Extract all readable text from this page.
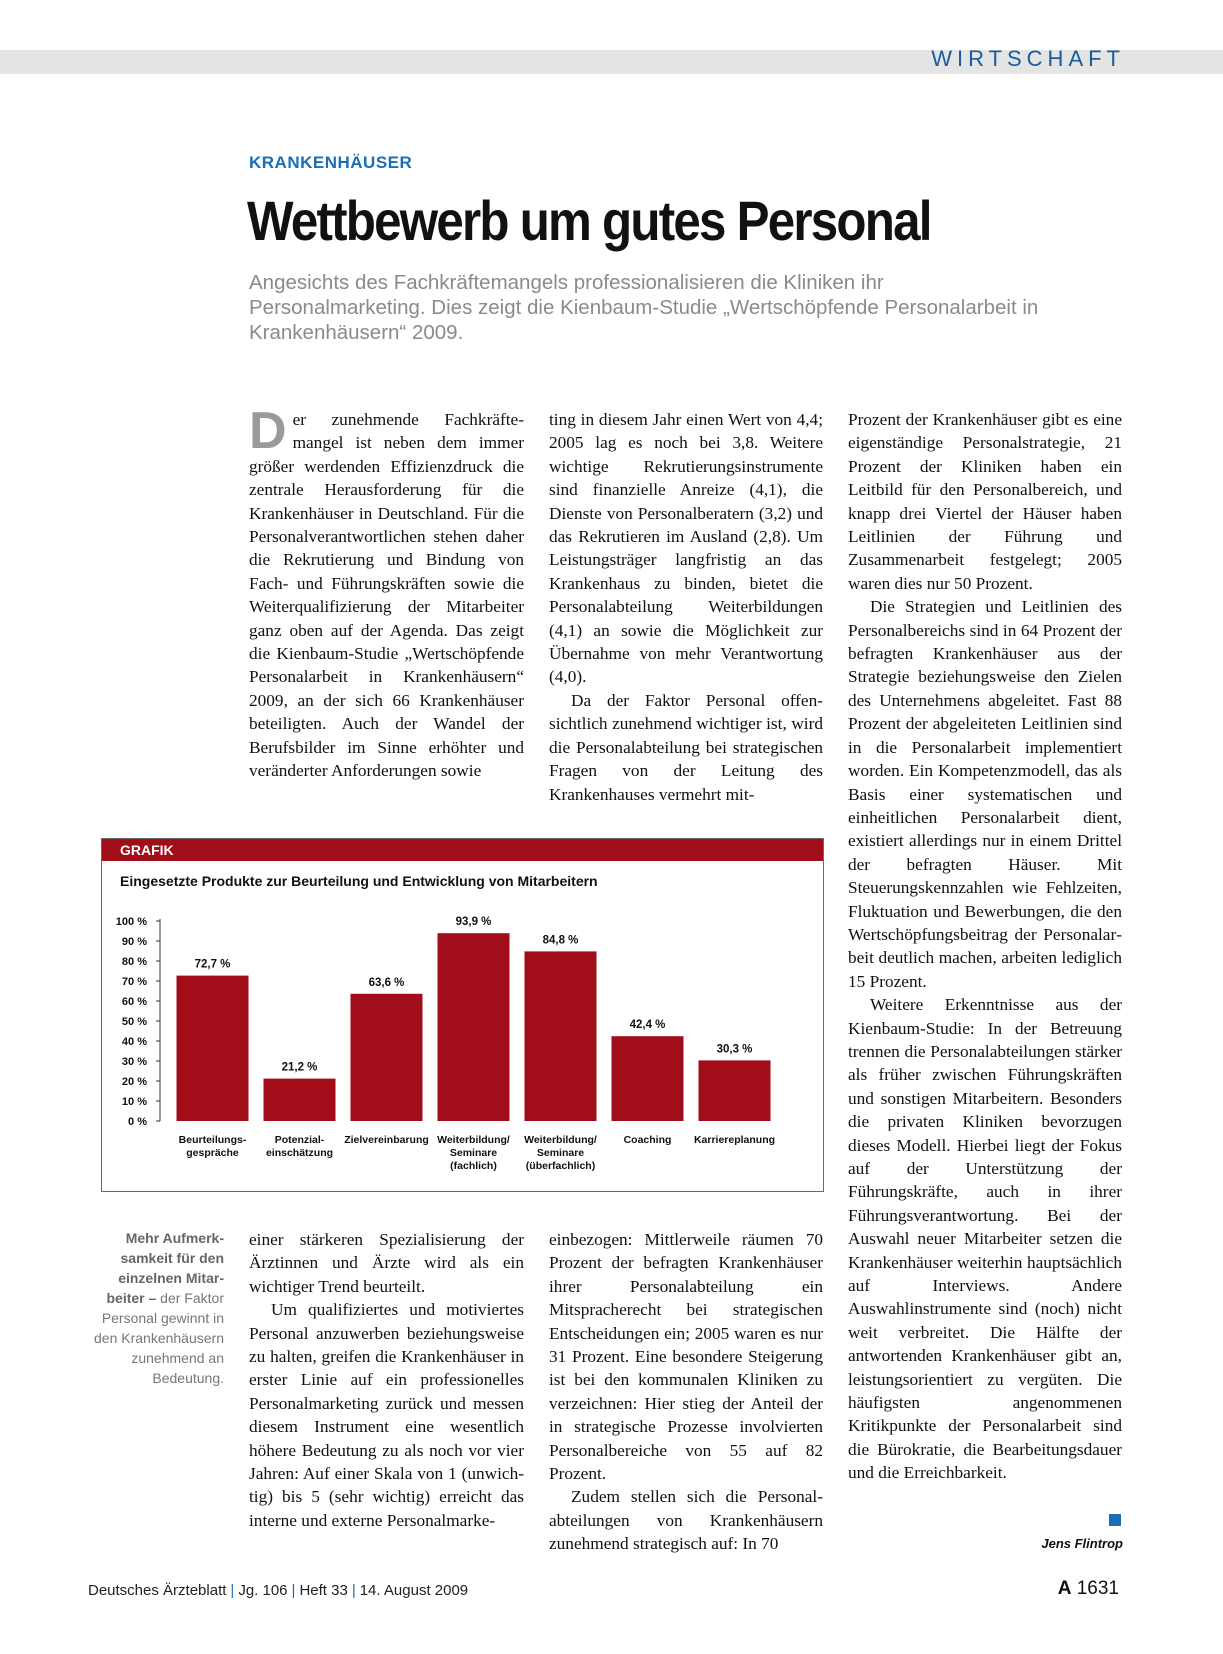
WIRTSCHAFT
KRANKENHÄUSER
Wettbewerb um gutes Personal
Angesichts des Fachkräftemangels professionalisieren die Kliniken ihr Personalmarketing. Dies zeigt die Kienbaum-Studie „Wertschöpfende Personalarbeit in Krankenhäusern“ 2009.

Der zunehmende Fachkräftemangel ist neben dem immer größer werdenden Effizienzdruck die zentrale Herausforderung für die Krankenhäuser in Deutschland. Für die Personalverantwortlichen stehen daher die Rekrutierung und Bindung von Fach- und Führungskräften sowie die Weiterqualifizierung der Mitarbeiter ganz oben auf der Agenda. Das zeigt die Kienbaum-Studie „Wertschöpfende Personalarbeit in Krankenhäusern“ 2009, an der sich 66 Krankenhäuser beteiligten. Auch der Wandel der Berufsbilder im Sinne erhöhter und veränderter Anforderungen sowie

ting in diesem Jahr einen Wert von 4,4; 2005 lag es noch bei 3,8. Weitere wichtige Rekrutierungsinstrumente sind finanzielle Anreize (4,1), die Dienste von Personalberatern (3,2) und das Rekrutieren im Ausland (2,8). Um Leistungsträger langfristig an das Krankenhaus zu binden, bietet die Personalabteilung Weiterbildungen (4,1) an sowie die Möglichkeit zur Übernahme von mehr Verantwortung (4,0).

Da der Faktor Personal offensichtlich zunehmend wichtiger ist, wird die Personalabteilung bei strategischen Fragen von der Leitung des Krankenhauses vermehrt mit-

Prozent der Krankenhäuser gibt es eine eigenständige Personalstrategie, 21 Prozent der Kliniken haben ein Leitbild für den Personalbereich, und knapp drei Viertel der Häuser haben Leitlinien der Führung und Zusammenarbeit festgelegt; 2005 waren dies nur 50 Prozent.

Die Strategien und Leitlinien des Personalbereichs sind in 64 Prozent der befragten Krankenhäuser aus der Strategie beziehungsweise den Zielen des Unternehmens abgeleitet. Fast 88 Prozent der abgeleiteten Leitlinien sind in die Personalarbeit implementiert worden. Ein Kompetenzmodell, das als Basis einer systematischen und einheitlichen Personalarbeit dient, existiert allerdings nur in einem Drittel der befragten Häuser. Mit Steuerungskennzahlen wie Fehlzeiten, Fluktuation und Bewerbungen, die den Wertschöpfungsbeitrag der Personalarbeit deutlich machen, arbeiten lediglich 15 Prozent.

Weitere Erkenntnisse aus der Kienbaum-Studie: In der Betreuung trennen die Personalabteilungen stärker als früher zwischen Führungskräften und sonstigen Mitarbeitern. Besonders die privaten Kliniken bevorzugen dieses Modell. Hierbei liegt der Fokus auf der Unterstützung der Führungskräfte, auch in ihrer Führungsverantwortung. Bei der Auswahl neuer Mitarbeiter setzen die Krankenhäuser weiterhin hauptsächlich auf Interviews. Andere Auswahlinstrumente sind (noch) nicht weit verbreitet. Die Hälfte der antwortenden Krankenhäuser gibt an, leistungsorientiert zu vergüten. Die häufigsten angenommenen Kritikpunkte der Personalarbeit sind die Bürokratie, die Bearbeitungsdauer und die Erreichbarkeit.

GRAFIK
Eingesetzte Produkte zur Beurteilung und Entwicklung von Mitarbeitern
0 %
10 %
20 %
30 %
40 %
50 %
60 %
70 %
80 %
90 %
100 %
72,7 %
Beurteilungs-
gespräche
21,2 %
Potenzial-
einschätzung
63,6 %
Zielvereinbarung
93,9 %
Weiterbildung/
Seminare
(fachlich)
84,8 %
Weiterbildung/
Seminare
(überfachlich)
42,4 %
Coaching
30,3 %
Karriereplanung

einer stärkeren Spezialisierung der Ärztinnen und Ärzte wird als ein wichtiger Trend beurteilt.

Um qualifiziertes und motiviertes Personal anzuwerben beziehungsweise zu halten, greifen die Krankenhäuser in erster Linie auf ein professionelles Personalmarketing zurück und messen diesem Instrument eine wesentlich höhere Bedeutung zu als noch vor vier Jahren: Auf einer Skala von 1 (unwichtig) bis 5 (sehr wichtig) erreicht das interne und externe Personalmarke-

einbezogen: Mittlerweile räumen 70 Prozent der befragten Krankenhäuser ihrer Personalabteilung ein Mitspracherecht bei strategischen Entscheidungen ein; 2005 waren es nur 31 Prozent. Eine besondere Steigerung ist bei den kommunalen Kliniken zu verzeichnen: Hier stieg der Anteil der in strategische Prozesse involvierten Personalbereiche von 55 auf 82 Prozent.

Zudem stellen sich die Personalabteilungen von Krankenhäusern zunehmend strategisch auf: In 70

Mehr Aufmerksamkeit für den einzelnen Mitarbeiter – der Faktor Personal gewinnt in den Krankenhäusern zunehmend an Bedeutung.
Jens Flintrop
Deutsches Ärzteblatt | Jg. 106 | Heft 33 | 14. August 2009	A 1631
